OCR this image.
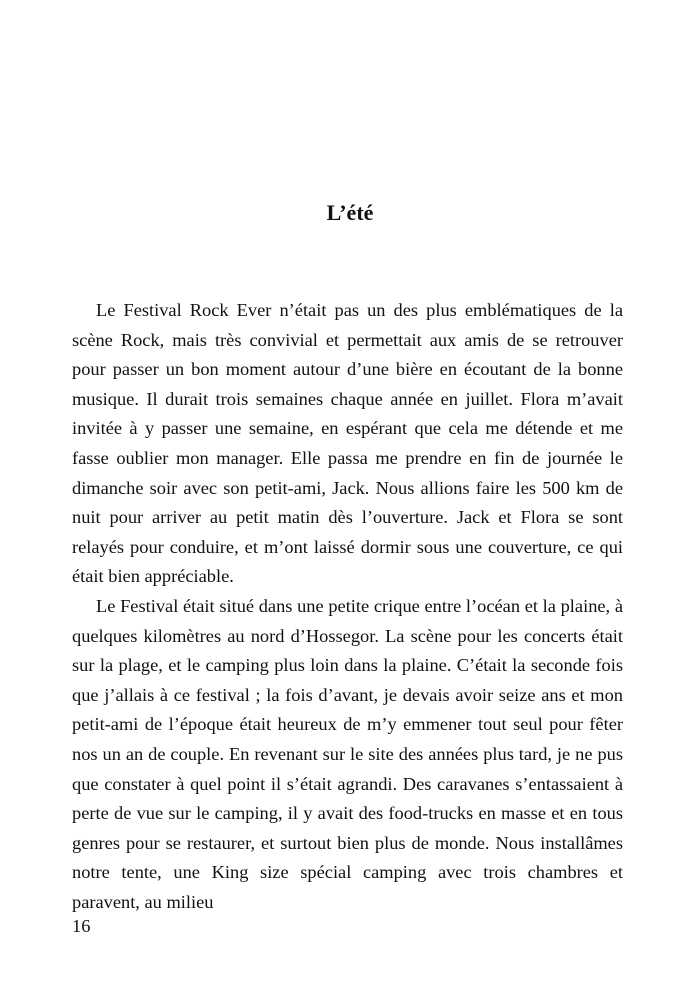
L’été

Le Festival Rock Ever n’était pas un des plus emblématiques de la scène Rock, mais très convivial et permettait aux amis de se retrouver pour passer un bon moment autour d’une bière en écoutant de la bonne musique. Il durait trois semaines chaque année en juillet. Flora m’avait invitée à y passer une semaine, en espérant que cela me détende et me fasse oublier mon manager. Elle passa me prendre en fin de journée le dimanche soir avec son petit-ami, Jack. Nous allions faire les 500 km de nuit pour arriver au petit matin dès l’ouverture. Jack et Flora se sont relayés pour conduire, et m’ont laissé dormir sous une couverture, ce qui était bien appréciable.

Le Festival était situé dans une petite crique entre l’océan et la plaine, à quelques kilomètres au nord d’Hossegor. La scène pour les concerts était sur la plage, et le camping plus loin dans la plaine. C’était la seconde fois que j’allais à ce festival ; la fois d’avant, je devais avoir seize ans et mon petit-ami de l’époque était heureux de m’y emmener tout seul pour fêter nos un an de couple. En revenant sur le site des années plus tard, je ne pus que constater à quel point il s’était agrandi. Des caravanes s’entassaient à perte de vue sur le camping, il y avait des food-trucks en masse et en tous genres pour se restaurer, et surtout bien plus de monde. Nous installâmes notre tente, une King size spécial camping avec trois chambres et paravent, au milieu

16
